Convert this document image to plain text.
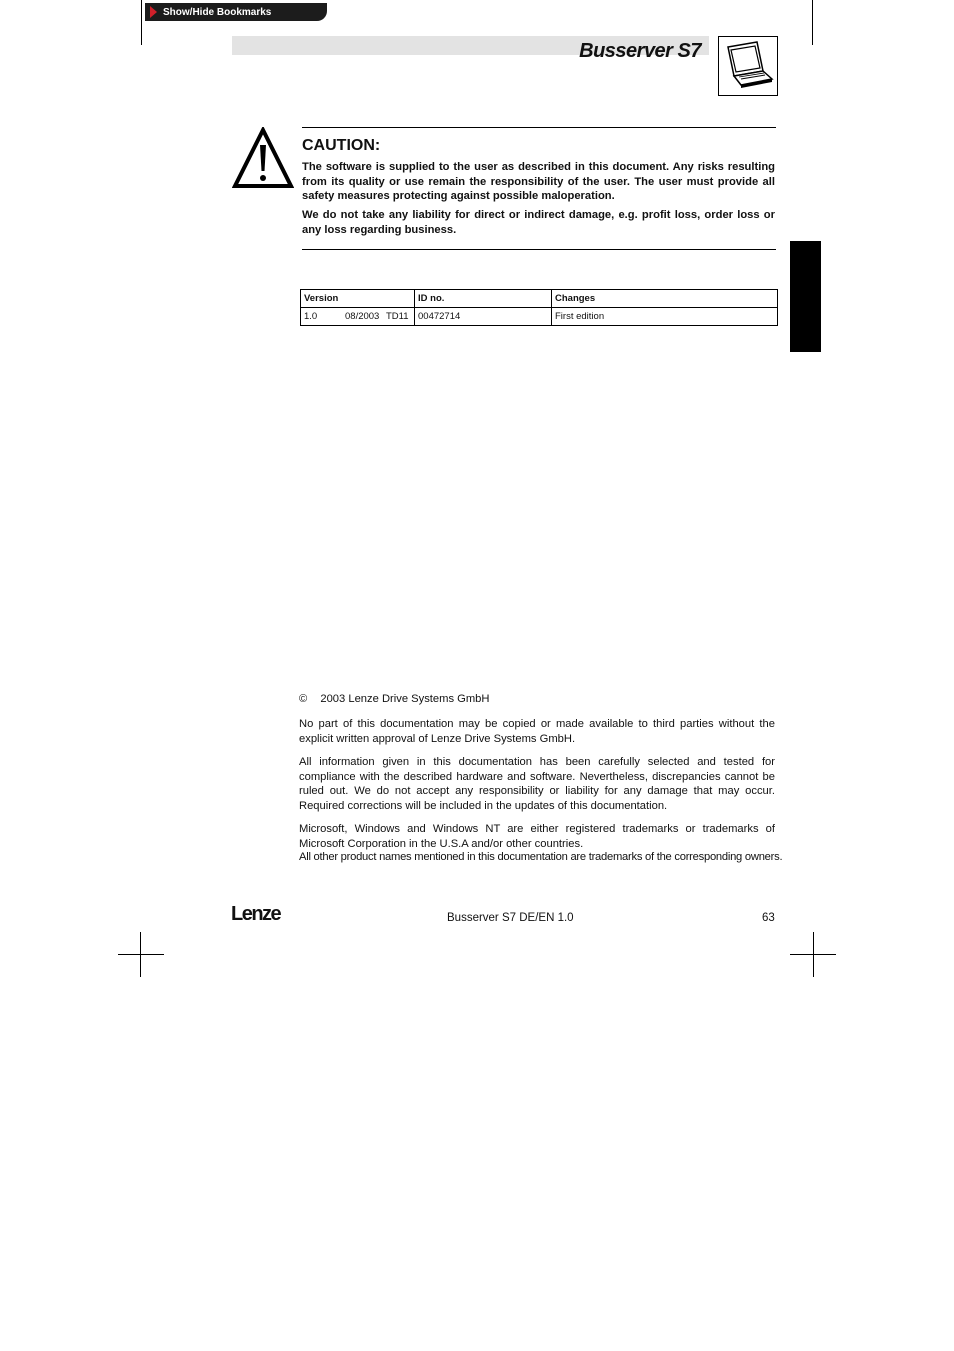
Show/Hide Bookmarks
Busserver S7
CAUTION:

The software is supplied to the user as described in this document. Any risks resulting from its quality or use remain the responsibility of the user. The user must provide all safety measures protecting against possible maloperation.

We do not take any liability for direct or indirect damage, e.g. profit loss, order loss or any loss regarding business.

Version	ID no.	Changes

1.0 08/2003 TD11	00472714	First edition
© 2003 Lenze Drive Systems GmbH

No part of this documentation may be copied or made available to third parties without the explicit written approval of Lenze Drive Systems GmbH.

All information given in this documentation has been carefully selected and tested for compliance with the described hardware and software. Nevertheless, discrepancies cannot be ruled out. We do not accept any responsibility or liability for any damage that may occur. Required corrections will be included in the updates of this documentation.

Microsoft, Windows and Windows NT are either registered trademarks or trademarks of Microsoft Corporation in the U.S.A and/or other countries.

All other product names mentioned in this documentation are trademarks of the corresponding owners.

Lenze	Busserver S7 DE/EN 1.0	63
